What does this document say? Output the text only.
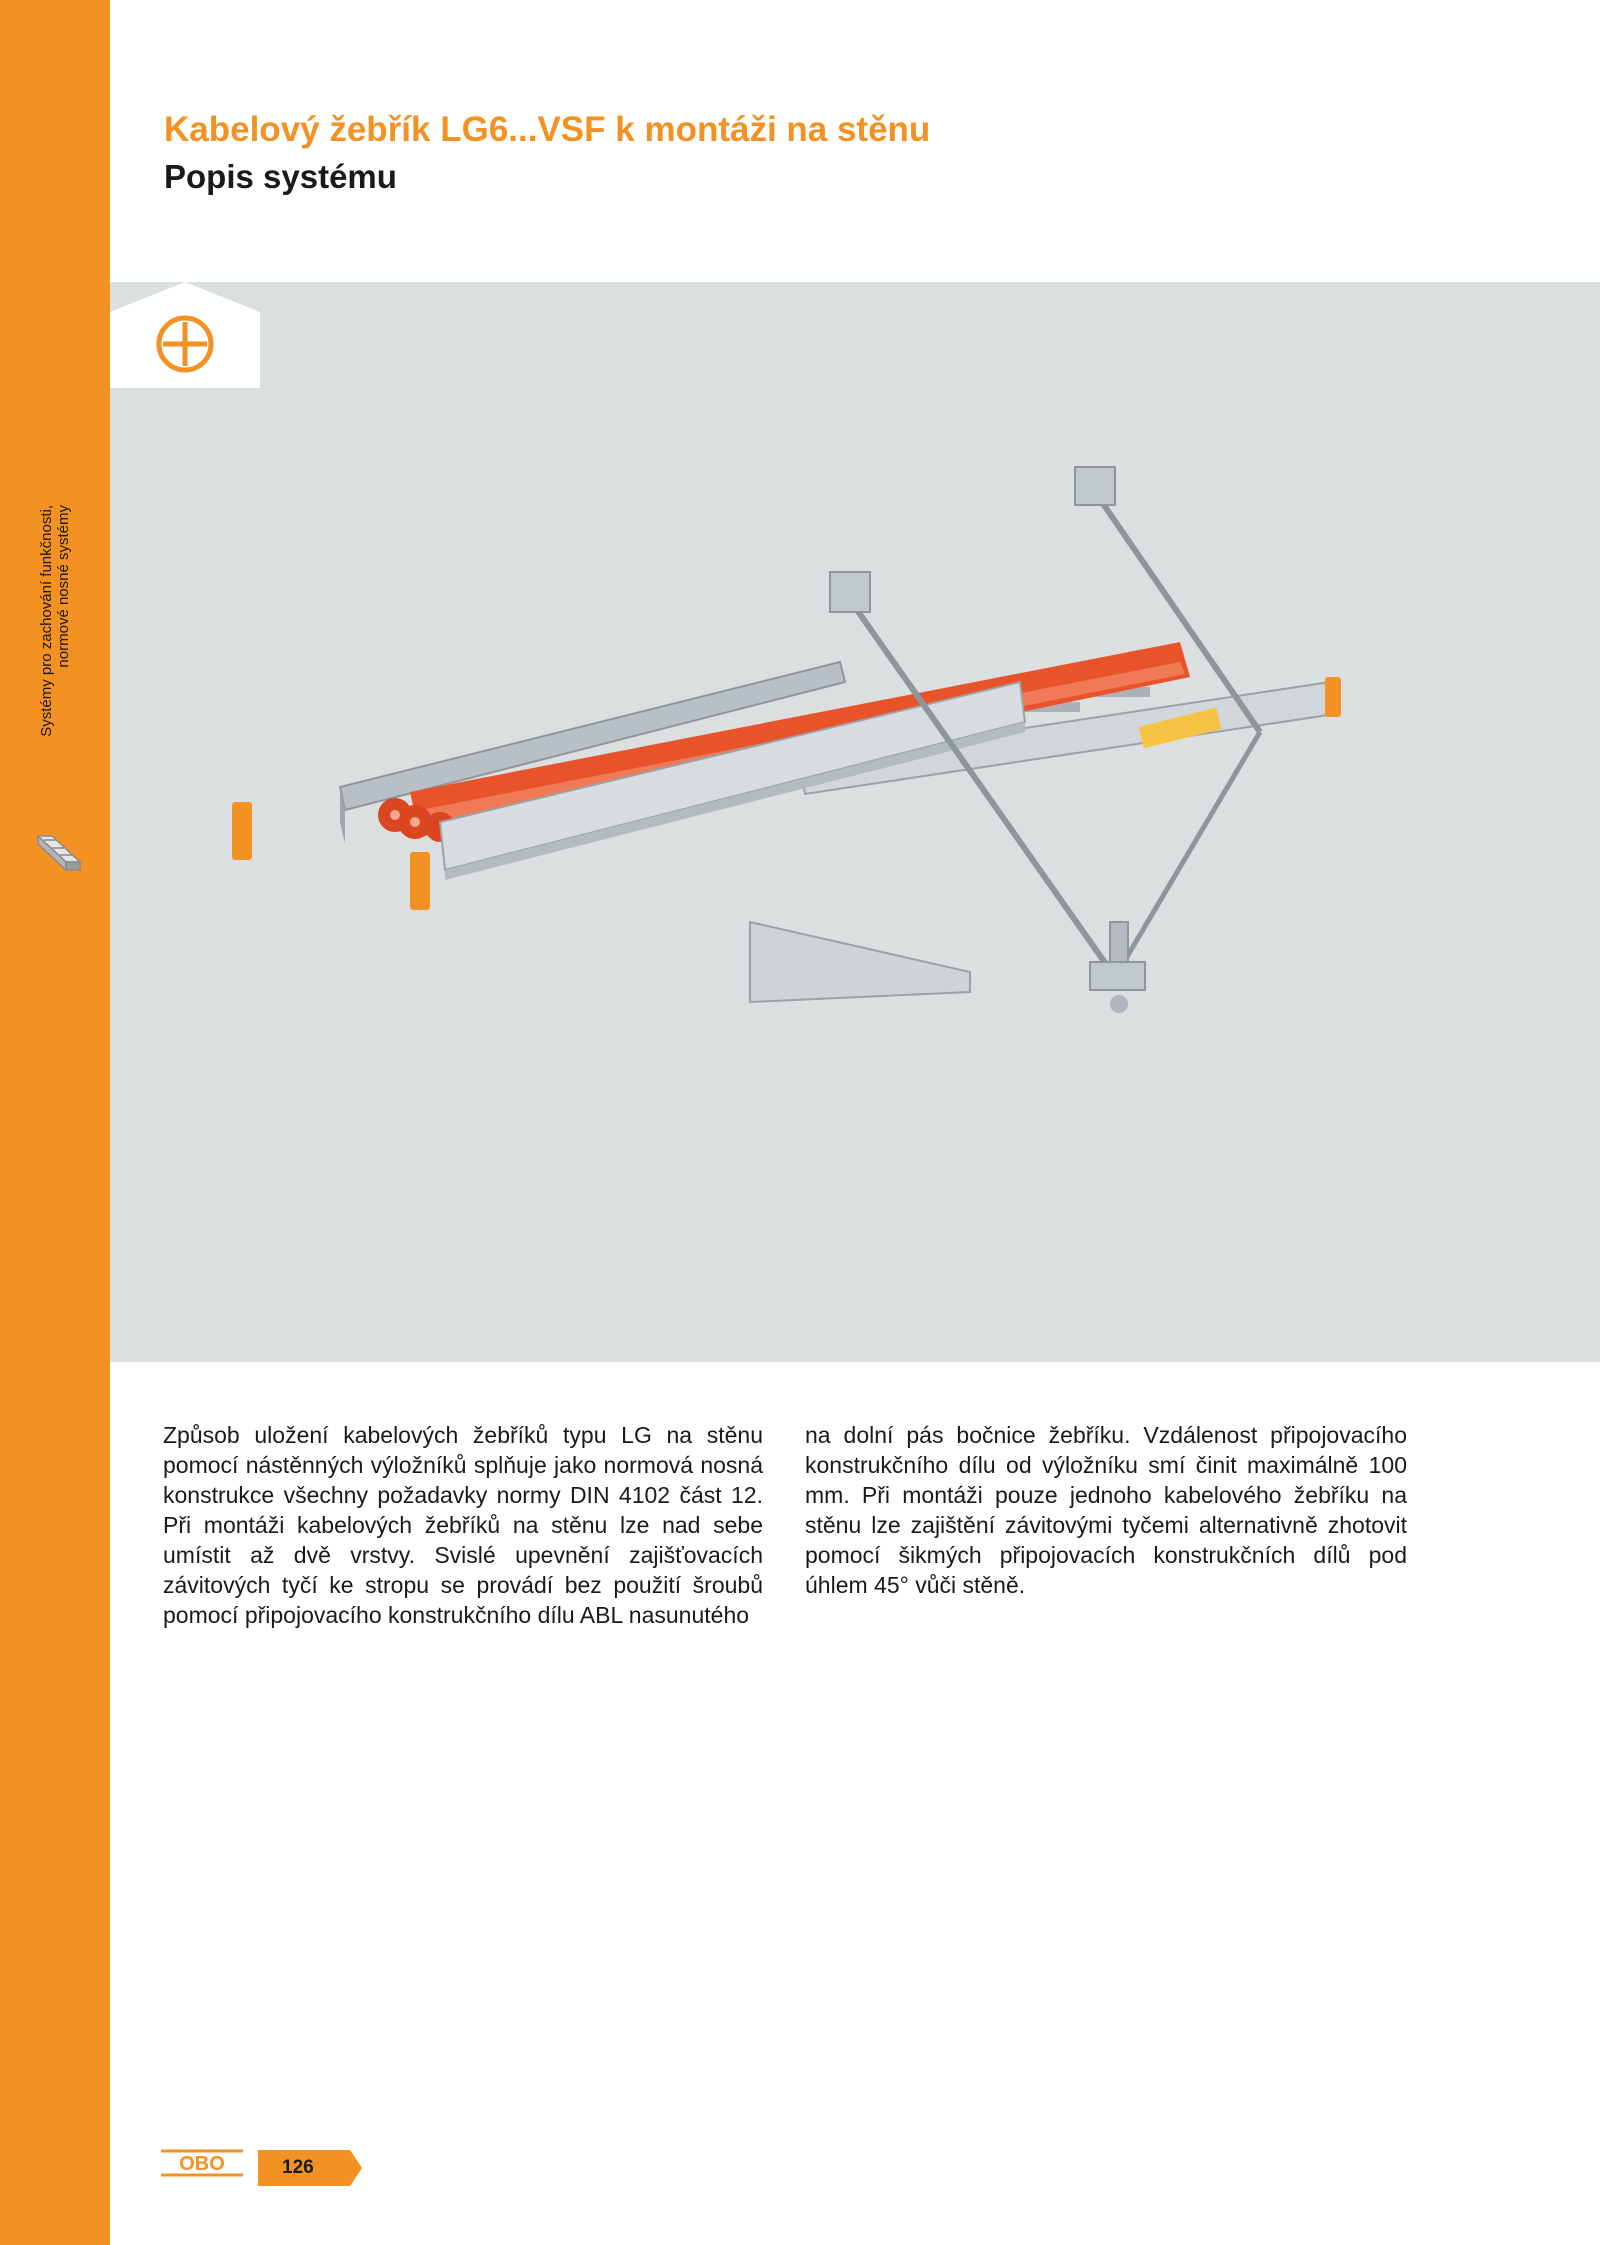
Systémy pro zachování funkčnosti, normové nosné systémy
Kabelový žebřík LG6...VSF k montáži na stěnu
Popis systému

Způsob uložení kabelových žebříků typu LG na stěnu pomocí nástěnných výložníků splňuje jako normová nosná konstrukce všechny požadavky normy DIN 4102 část 12. Při montáži kabelových žebříků na stěnu lze nad sebe umístit až dvě vrstvy. Svislé upevnění zajišťovacích závitových tyčí ke stropu se provádí bez použití šroubů pomocí připojovacího konstrukčního dílu ABL nasunutého

na dolní pás bočnice žebříku. Vzdálenost připojovacího konstrukčního dílu od výložníku smí činit maximálně 100 mm. Při montáži pouze jednoho kabelového žebříku na stěnu lze zajištění závitovými tyčemi alternativně zhotovit pomocí šikmých připojovacích konstrukčních dílů pod úhlem 45° vůči stěně.

OBO	126
